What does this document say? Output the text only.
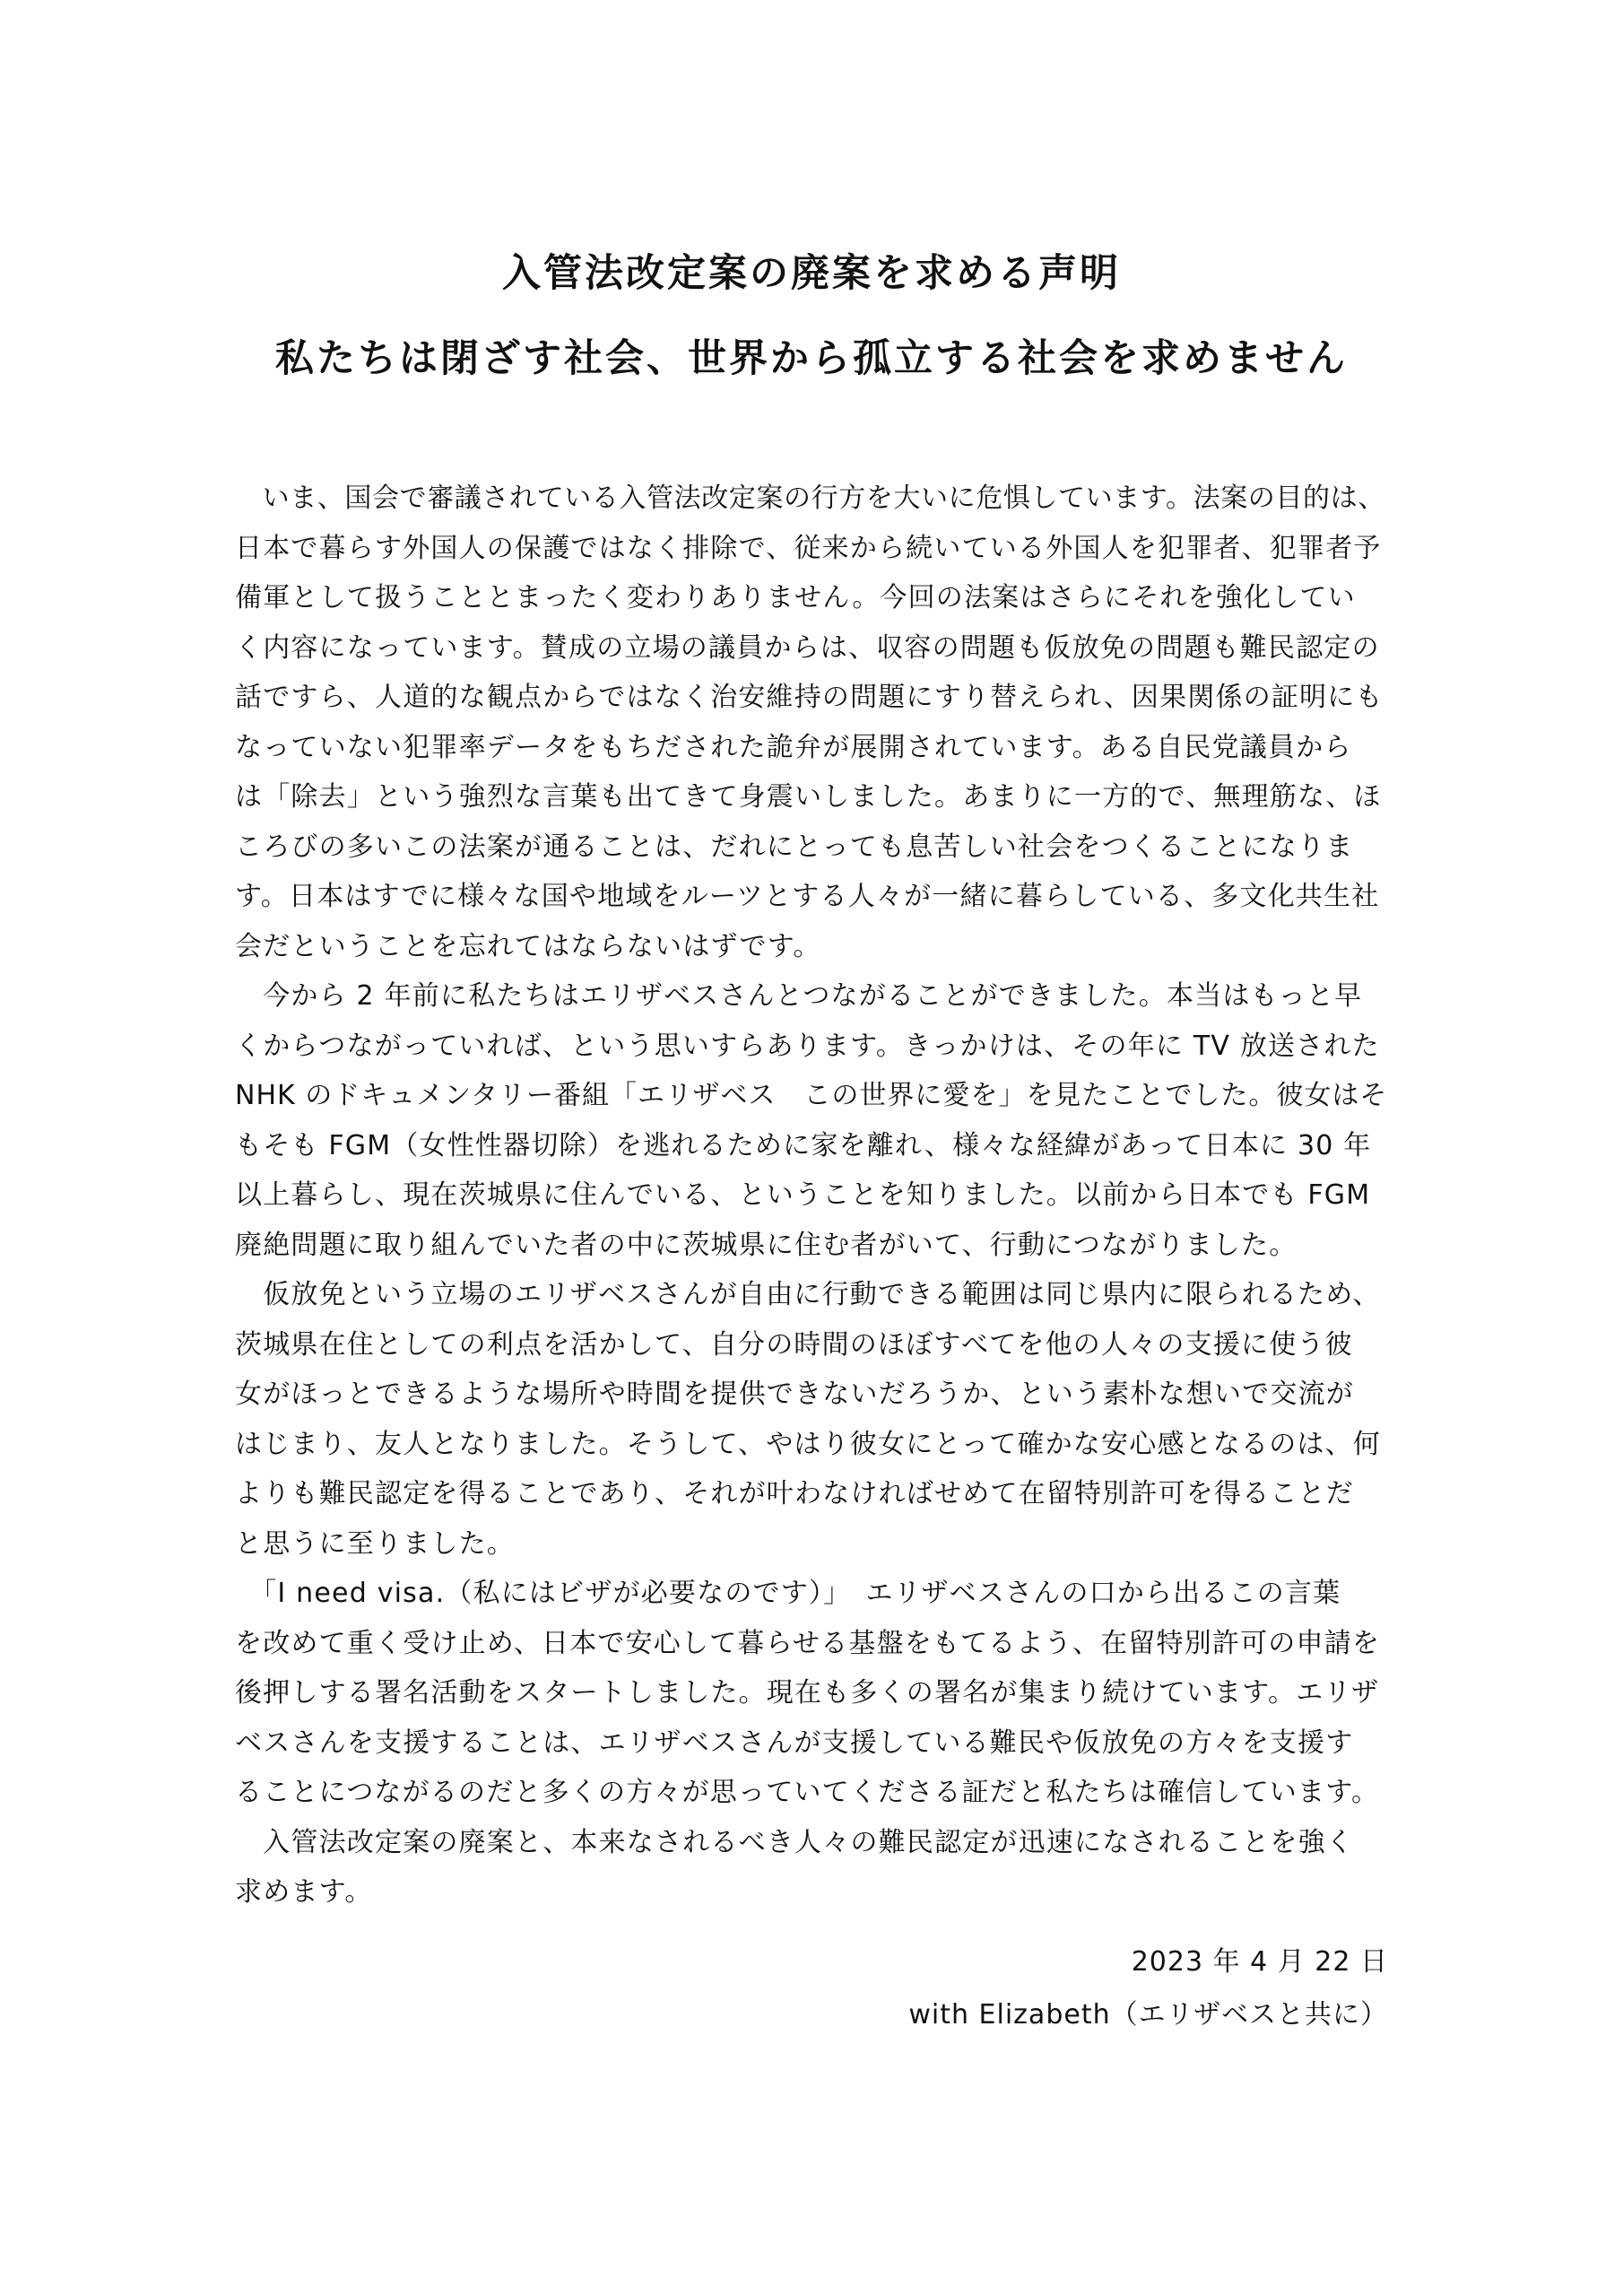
入管法改定案の廃案を求める声明
私たちは閉ざす社会、世界から孤立する社会を求めません
　いま、国会で審議されている入管法改定案の行方を大いに危惧しています。法案の目的は、
日本で暮らす外国人の保護ではなく排除で、従来から続いている外国人を犯罪者、犯罪者予
備軍として扱うこととまったく変わりありません。今回の法案はさらにそれを強化してい
く内容になっています。賛成の立場の議員からは、収容の問題も仮放免の問題も難民認定の
話ですら、人道的な観点からではなく治安維持の問題にすり替えられ、因果関係の証明にも
なっていない犯罪率データをもちだされた詭弁が展開されています。ある自民党議員から
は「除去」という強烈な言葉も出てきて身震いしました。あまりに一方的で、無理筋な、ほ
ころびの多いこの法案が通ることは、だれにとっても息苦しい社会をつくることになりま
す。日本はすでに様々な国や地域をルーツとする人々が一緒に暮らしている、多文化共生社
会だということを忘れてはならないはずです。
　今から 2 年前に私たちはエリザベスさんとつながることができました。本当はもっと早
くからつながっていれば、という思いすらあります。きっかけは、その年に TV 放送された
NHK のドキュメンタリー番組「エリザベス　この世界に愛を」を見たことでした。彼女はそ
もそも FGM（女性性器切除）を逃れるために家を離れ、様々な経緯があって日本に 30 年
以上暮らし、現在茨城県に住んでいる、ということを知りました。以前から日本でも FGM
廃絶問題に取り組んでいた者の中に茨城県に住む者がいて、行動につながりました。
　仮放免という立場のエリザベスさんが自由に行動できる範囲は同じ県内に限られるため、
茨城県在住としての利点を活かして、自分の時間のほぼすべてを他の人々の支援に使う彼
女がほっとできるような場所や時間を提供できないだろうか、という素朴な想いで交流が
はじまり、友人となりました。そうして、やはり彼女にとって確かな安心感となるのは、何
よりも難民認定を得ることであり、それが叶わなければせめて在留特別許可を得ることだ
と思うに至りました。
　「I need visa.（私にはビザが必要なのです）」　エリザベスさんの口から出るこの言葉
を改めて重く受け止め、日本で安心して暮らせる基盤をもてるよう、在留特別許可の申請を
後押しする署名活動をスタートしました。現在も多くの署名が集まり続けています。エリザ
ベスさんを支援することは、エリザベスさんが支援している難民や仮放免の方々を支援す
ることにつながるのだと多くの方々が思っていてくださる証だと私たちは確信しています。
　入管法改定案の廃案と、本来なされるべき人々の難民認定が迅速になされることを強く
求めます。

2023 年 4 月 22 日

with Elizabeth（エリザベスと共に）
